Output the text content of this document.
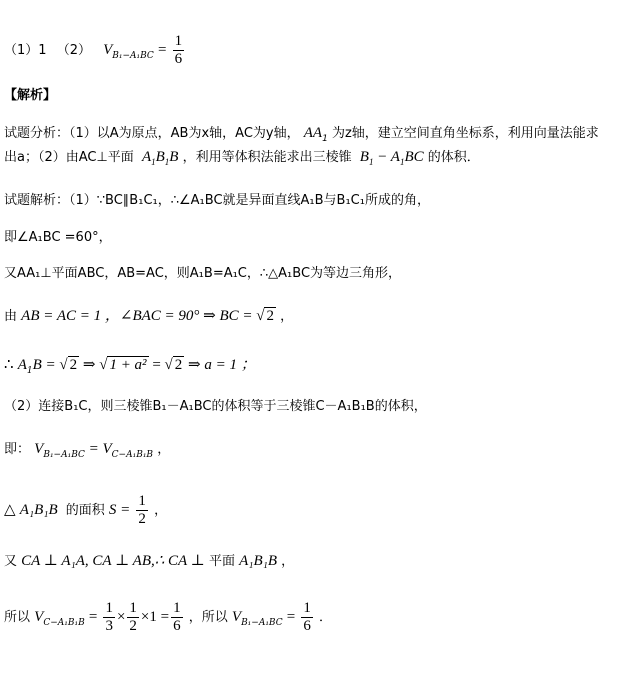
（1）1 （2） $V_{B_1-A_1BC} = \frac{1}{6}$
【解析】
试题分析：（1）以A为原点，AB为x轴，AC为y轴， $AA_1$ 为z轴，建立空间直角坐标系，利用向量法能求
出a；（2）由AC⊥平面 $A_1B_1B$ ，利用等体积法能求出三棱锥 $B_1 - A_1BC$ 的体积．
试题解析：（1）∵BC∥B₁C₁，∴∠A₁BC就是异面直线A₁B与B₁C₁所成的角，
即∠A₁BC =60°，
又AA₁⊥平面ABC，AB=AC，则A₁B=A₁C，∴△A₁BC为等边三角形，
由 AB = AC = 1 ，∠BAC = 90° ⇒ BC = √ 2 ，
∴ $A_1B$ = √ 2 ⇒ √ 1 + a² = √ 2 ⇒ a = 1 ；
（2）连接B₁C，则三棱锥B₁－A₁BC的体积等于三棱锥C－A₁B₁B的体积，
即： $V_{B_1-A_1BC} = V_{C-A_1B_1B}$ ，
△ A₁B₁B 的面积 $S = \frac{1}{2}$ ，
又 CA ⊥ A₁A, CA ⊥ AB,∴ CA ⊥ 平面 A₁B₁B ，
所以 $V_{C-A_1B_1B} = \frac{1}{3} \times \frac{1}{2} \times 1 = \frac{1}{6}$ ，所以 $V_{B_1-A_1BC} = \frac{1}{6}$ ．
